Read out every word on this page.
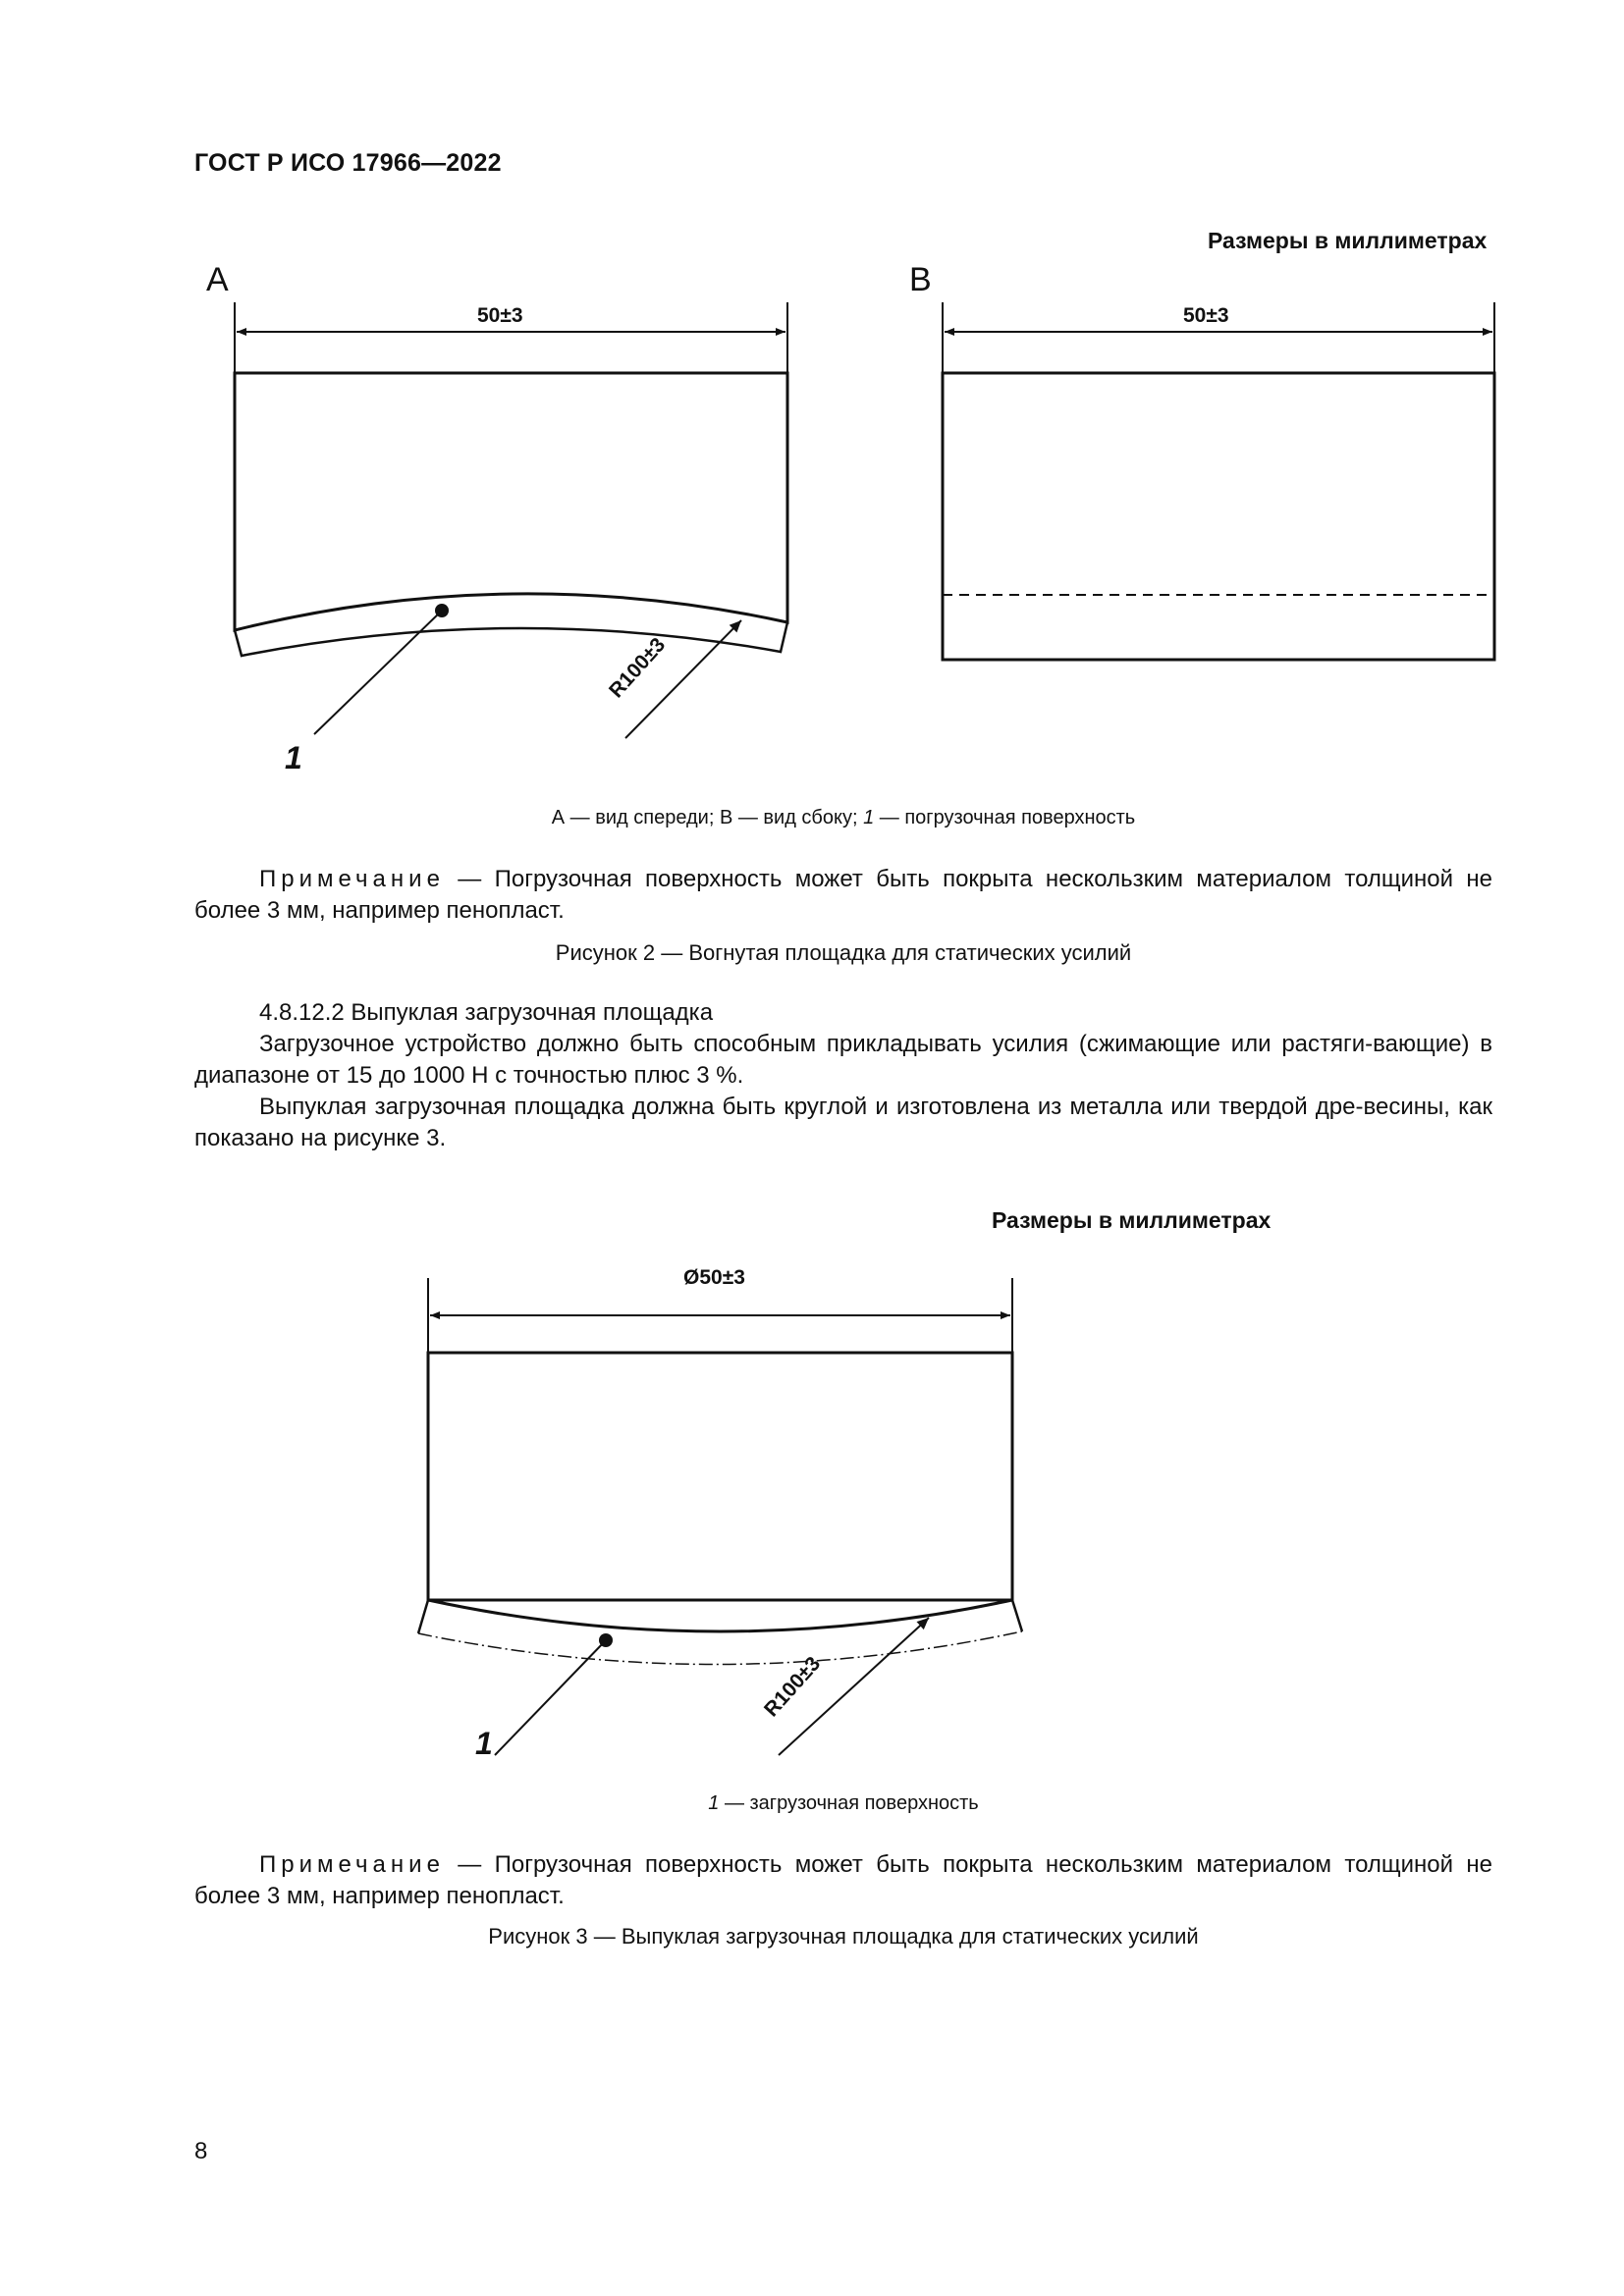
ГОСТ Р ИСО 17966—2022
Размеры в миллиметрах
A	B
50±3	50±3
R100±3
1
А — вид спереди; В — вид сбоку; 1 — погрузочная поверхность
Примечание — Погрузочная поверхность может быть покрыта нескользким материалом толщиной не более 3 мм, например пенопласт.
Рисунок 2 — Вогнутая площадка для статических усилий
4.8.12.2 Выпуклая загрузочная площадка
Загрузочное устройство должно быть способным прикладывать усилия (сжимающие или растяги-вающие) в диапазоне от 15 до 1000 Н с точностью плюс 3 %.
Выпуклая загрузочная площадка должна быть круглой и изготовлена из металла или твердой дре-весины, как показано на рисунке 3.
Размеры в миллиметрах
Ø50±3
R100±3
1
1 — загрузочная поверхность
Примечание — Погрузочная поверхность может быть покрыта нескользким материалом толщиной не более 3 мм, например пенопласт.
Рисунок 3 — Выпуклая загрузочная площадка для статических усилий
8
